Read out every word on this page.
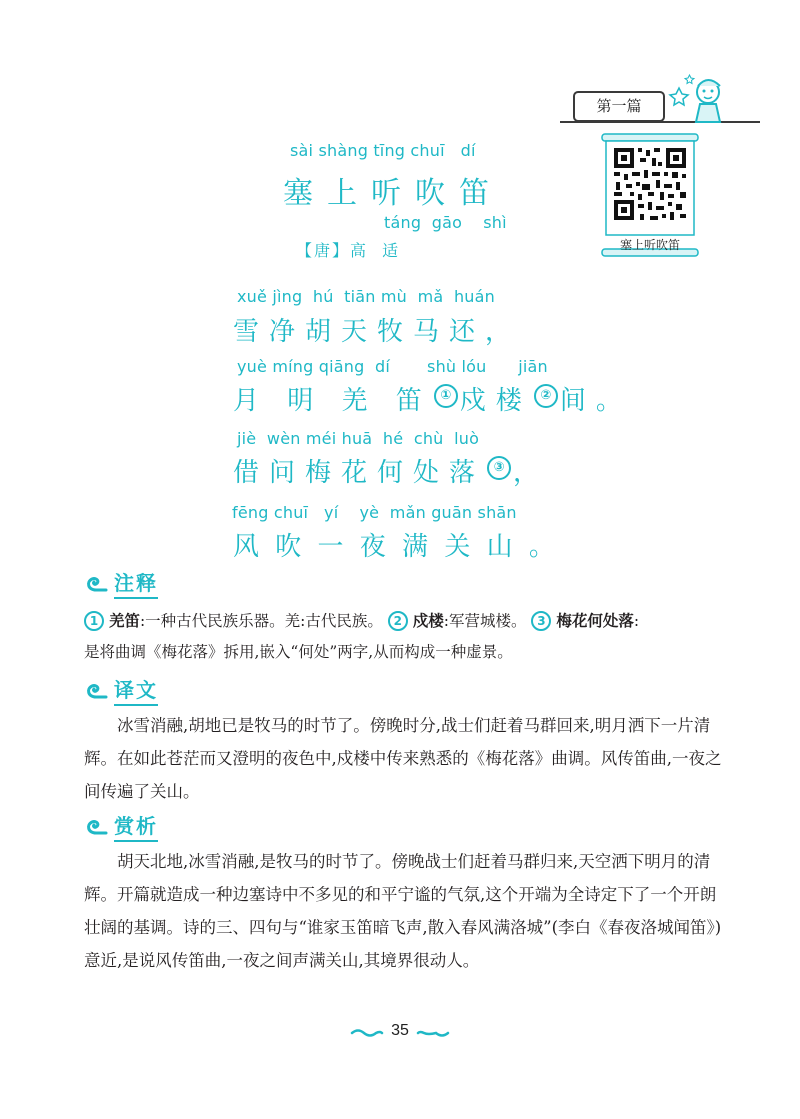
第一篇
塞上听吹笛
sài shàng tīng chuī   dí
塞上听吹笛
táng  gāo    shì
【唐】高  适
xuě jìng  hú  tiān mù  mǎ  huán
雪净胡天牧马还，
yuè míng qiāng  dí       shù lóu      jiān
月 明 羌 笛 ① 戍楼 ② 间。
jiè  wèn méi huā  hé  chù  luò
借问梅花何处落 ③ ，
fēng chuī   yí    yè  mǎn guān shān
风 吹 一 夜 满 关 山 。
注释
1 羌笛:一种古代民族乐器。羌:古代民族。 2 戍楼:军营城楼。 3 梅花何处落:
是将曲调《梅花落》拆用,嵌入“何处”两字,从而构成一种虚景。
译文
冰雪消融,胡地已是牧马的时节了。傍晚时分,战士们赶着马群回来,明月洒下一片清辉。在如此苍茫而又澄明的夜色中,戍楼中传来熟悉的《梅花落》曲调。风传笛曲,一夜之间传遍了关山。
赏析
胡天北地,冰雪消融,是牧马的时节了。傍晚战士们赶着马群归来,天空洒下明月的清辉。开篇就造成一种边塞诗中不多见的和平宁谧的气氛,这个开端为全诗定下了一个开朗壮阔的基调。诗的三、四句与“谁家玉笛暗飞声,散入春风满洛城”(李白《春夜洛城闻笛》)意近,是说风传笛曲,一夜之间声满关山,其境界很动人。
35
